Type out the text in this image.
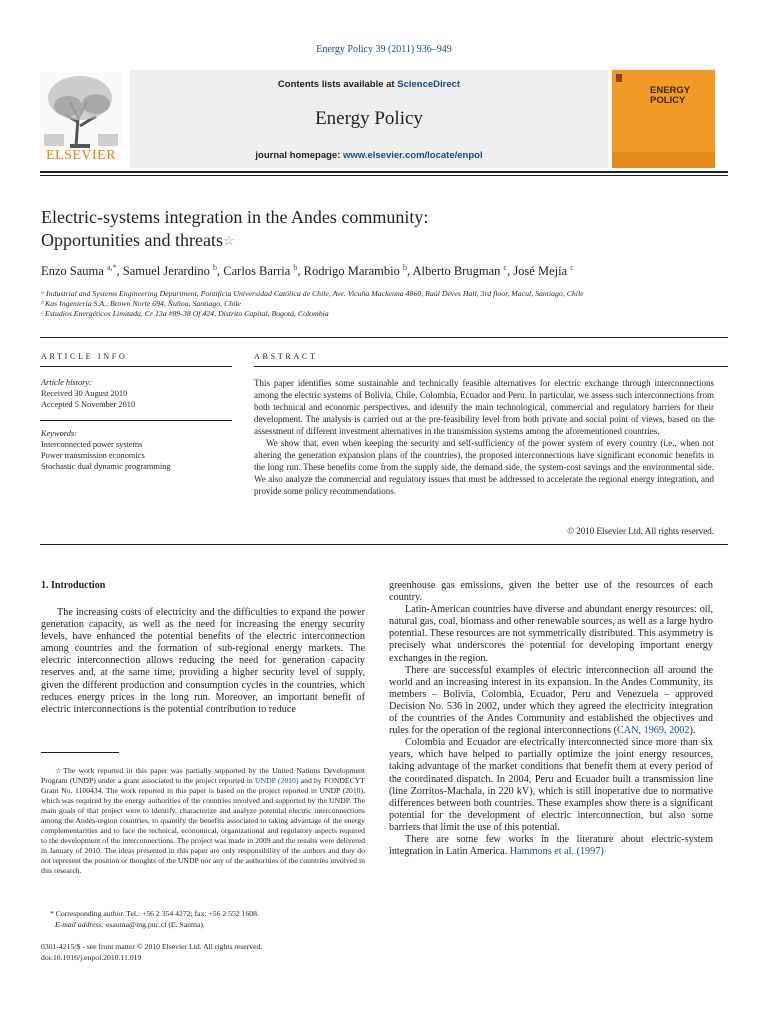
Energy Policy 39 (2011) 936–949
Contents lists available at ScienceDirect
Energy Policy
journal homepage: www.elsevier.com/locate/enpol
ELSEVIER
ENERGY
POLICY
Electric-systems integration in the Andes community:
Opportunities and threats☆
Enzo Sauma $^{a,*}$, Samuel Jerardino $^b$, Carlos Barria $^b$, Rodrigo Marambio $^b$, Alberto Brugman $^c$, José Mejía $^c$
ᵃ Industrial and Systems Engineering Department, Pontificia Universidad Católica de Chile, Ave. Vicuña Mackenna 4860, Raúl Déves Hall, 3rd floor, Macul, Santiago, Chile
ᵇ Kas Ingeniería S.A., Brown Norte 694, Ñuñoa, Santiago, Chile
ᶜ Estudios Energéticos Limitada, Cr 13a #89-38 Of 424, Distrito Capital, Bogotá, Colombia
ARTICLE INFO
Article history:
Received 30 August 2010
Accepted 5 November 2010
Keywords:
Interconnected power systems
Power transmission economics
Stochastic dual dynamic programming
ABSTRACT

This paper identifies some sustainable and technically feasible alternatives for electric exchange through interconnections among the electric systems of Bolivia, Chile, Colombia, Ecuador and Peru. In particular, we assess such interconnections from both technical and economic perspectives, and identify the main technological, commercial and regulatory barriers for their development. The analysis is carried out at the pre-feasibility level from both private and social point of views, based on the assessment of different investment alternatives in the transmission systems among the aforementioned countries.

We show that, even when keeping the security and self-sufficiency of the power system of every country (i.e., when not altering the generation expansion plans of the countries), the proposed interconnections have significant economic benefits in the long run. These benefits come from the supply side, the demand side, the system-cost savings and the environmental side. We also analyze the commercial and regulatory issues that must be addressed to accelerate the regional energy integration, and provide some policy recommendations.

© 2010 Elsevier Ltd. All rights reserved.
1. Introduction

The increasing costs of electricity and the difficulties to expand the power generation capacity, as well as the need for increasing the energy security levels, have enhanced the potential benefits of the electric interconnection among countries and the formation of sub-regional energy markets. The electric interconnection allows reducing the need for generation capacity reserves and, at the same time, providing a higher security level of supply, given the different production and consumption cycles in the countries, which reduces energy prices in the long run. Moreover, an important benefit of electric interconnections is the potential contribution to reduce

greenhouse gas emissions, given the better use of the resources of each country.

Latin-American countries have diverse and abundant energy resources: oil, natural gas, coal, biomass and other renewable sources, as well as a large hydro potential. These resources are not symmetrically distributed. This asymmetry is precisely what underscores the potential for developing important energy exchanges in the region.

There are successful examples of electric interconnection all around the world and an increasing interest in its expansion. In the Andes Community, its members – Bolivia, Colombia, Ecuador, Peru and Venezuela – approved Decision No. 536 in 2002, under which they agreed the electricity integration of the countries of the Andes Community and established the objectives and rules for the operation of the regional interconnections (CAN, 1969, 2002).

Colombia and Ecuador are electrically interconnected since more than six years, which have helped to partially optimize the joint energy resources, taking advantage of the market conditions that benefit them at every period of the coordinated dispatch. In 2004, Peru and Ecuador built a transmission line (line Zorritos-Machala, in 220 kV), which is still inoperative due to normative differences between both countries. These examples show there is a significant potential for the development of electric interconnection, but also some barriers that limit the use of this potential.

There are some few works in the literature about electric-system integration in Latin America. Hammons et al. (1997)

☆The work reported in this paper was partially supported by the United Nations Development Program (UNDP) under a grant associated to the project reported in UNDP (2010) and by FONDECYT Grant No. 1100434. The work reported in this paper is based on the project reported in UNDP (2010), which was required by the energy authorities of the countries involved and supported by the UNDP. The main goals of that project were to identify, characterize and analyze potential electric interconnections among the Andes-region countries, to quantify the benefits associated to taking advantage of the energy complementarities and to face the technical, economical, organizational and regulatory aspects required to the development of the interconnections. The project was made in 2009 and the results were delivered in January of 2010. The ideas presented in this paper are only responsibility of the authors and they do not represent the position or thoughts of the UNDP nor any of the authorities of the countries involved in this research.

* Corresponding author. Tel.: +56 2 354 4272; fax: +56 2 552 1608.
E-mail address: esauma@ing.puc.cl (E. Sauma).
0301-4215/$ - see front matter © 2010 Elsevier Ltd. All rights reserved.
doi:10.1016/j.enpol.2010.11.019
